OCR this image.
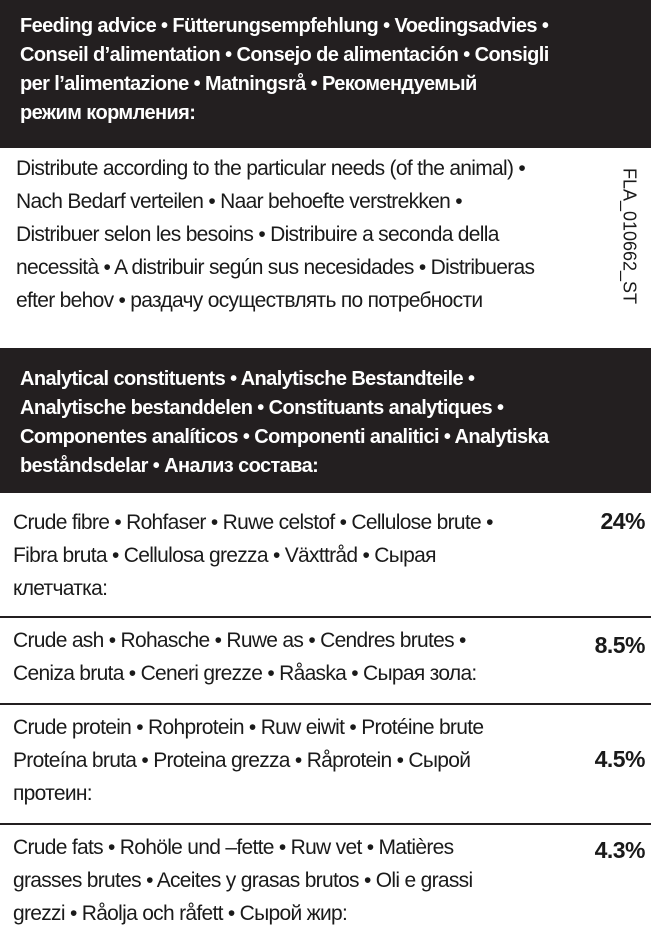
Feeding advice • Fütterungsempfehlung • Voedingsadvies •

Conseil d’alimentation • Consejo de alimentación • Consigli

per l’alimentazione • Matningsrå • Рекомендуемый

режим кормления:

Distribute according to the particular needs (of the animal) •
Nach Bedarf verteilen • Naar behoefte verstrekken •
Distribuer selon les besoins • Distribuire a seconda della
necessità • A distribuir según sus necesidades • Distribueras
efter behov • раздачу осуществлять по потребности	FLA_010662_ST

Analytical constituents • Analytische Bestandteile •

Analytische bestanddelen • Constituants analytiques •

Componentes analíticos • Componenti analitici • Analytiska

beståndsdelar • Анализ состава:

Crude fibre • Rohfaser • Ruwe celstof • Cellulose brute •
Fibra bruta • Cellulosa grezza • Växttråd • Сырая
клетчатка:
24%
Crude ash • Rohasche • Ruwe as • Cendres brutes •
Ceniza bruta • Ceneri grezze • Råaska • Сырая зола:
8.5%
Crude protein • Rohprotein • Ruw eiwit • Protéine brute
Proteína bruta • Proteina grezza • Råprotein • Сырой
протеин:
4.5%
Crude fats • Rohöle und –fette • Ruw vet • Matières
grasses brutes • Aceites y grasas brutos • Oli e grassi
grezzi • Råolja och råfett • Сырой жир:
4.3%
